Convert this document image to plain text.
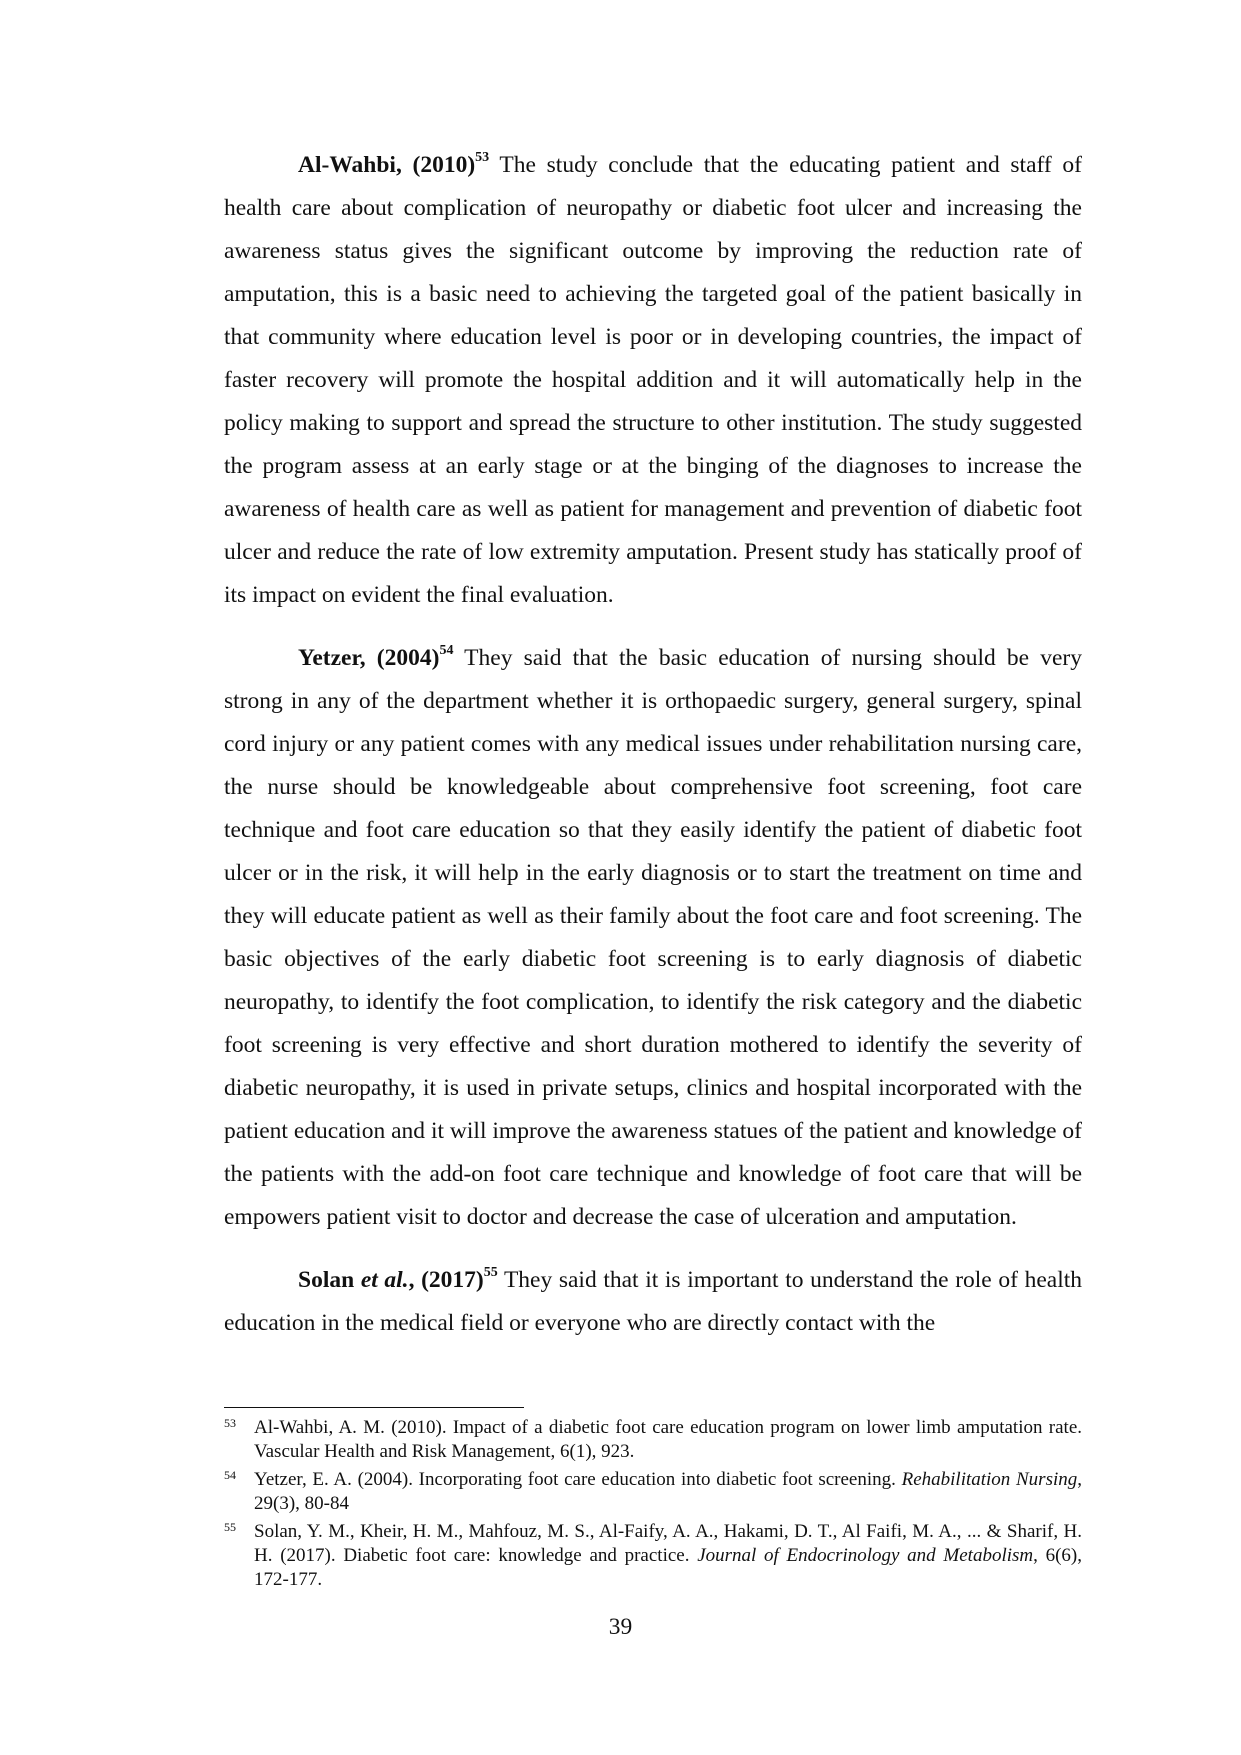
Al-Wahbi, $(2010)^{53}$ The study conclude that the educating patient and staff of health care about complication of neuropathy or diabetic foot ulcer and increasing the awareness status gives the significant outcome by improving the reduction rate of amputation, this is a basic need to achieving the targeted goal of the patient basically in that community where education level is poor or in developing countries, the impact of faster recovery will promote the hospital addition and it will automatically help in the policy making to support and spread the structure to other institution. The study suggested the program assess at an early stage or at the binging of the diagnoses to increase the awareness of health care as well as patient for management and prevention of diabetic foot ulcer and reduce the rate of low extremity amputation. Present study has statically proof of its impact on evident the final evaluation.

Yetzer, $(2004)^{54}$ They said that the basic education of nursing should be very strong in any of the department whether it is orthopaedic surgery, general surgery, spinal cord injury or any patient comes with any medical issues under rehabilitation nursing care, the nurse should be knowledgeable about comprehensive foot screening, foot care technique and foot care education so that they easily identify the patient of diabetic foot ulcer or in the risk, it will help in the early diagnosis or to start the treatment on time and they will educate patient as well as their family about the foot care and foot screening. The basic objectives of the early diabetic foot screening is to early diagnosis of diabetic neuropathy, to identify the foot complication, to identify the risk category and the diabetic foot screening is very effective and short duration mothered to identify the severity of diabetic neuropathy, it is used in private setups, clinics and hospital incorporated with the patient education and it will improve the awareness statues of the patient and knowledge of the patients with the add-on foot care technique and knowledge of foot care that will be empowers patient visit to doctor and decrease the case of ulceration and amputation.

Solan et al., $(2017)^{55}$ They said that it is important to understand the role of health education in the medical field or everyone who are directly contact with the

53 Al-Wahbi, A. M. (2010). Impact of a diabetic foot care education program on lower limb amputation rate. Vascular Health and Risk Management, 6(1), 923.
54 Yetzer, E. A. (2004). Incorporating foot care education into diabetic foot screening. Rehabilitation Nursing, 29(3), 80-84
55 Solan, Y. M., Kheir, H. M., Mahfouz, M. S., Al-Faify, A. A., Hakami, D. T., Al Faifi, M. A., ... & Sharif, H. H. (2017). Diabetic foot care: knowledge and practice. Journal of Endocrinology and Metabolism, 6(6), 172-177.
39
